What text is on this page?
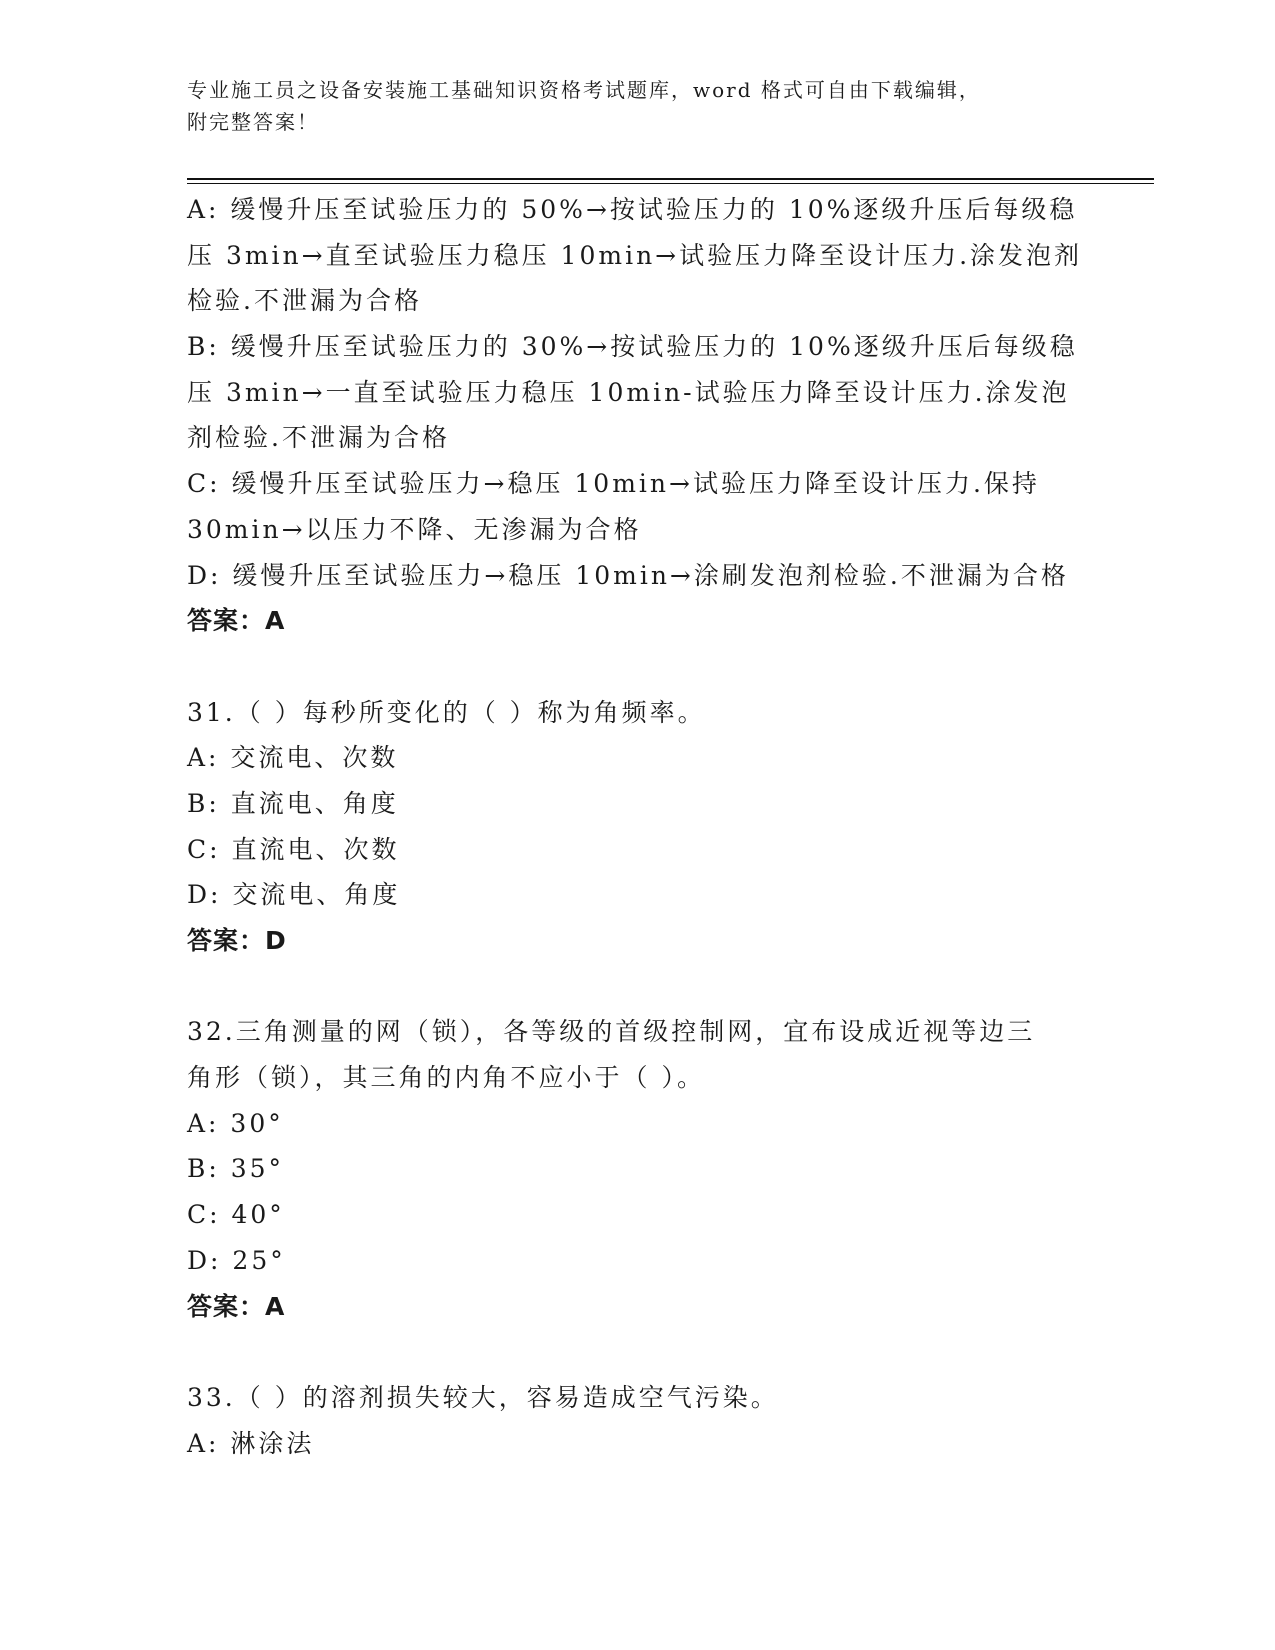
专业施工员之设备安装施工基础知识资格考试题库，word 格式可自由下载编辑，
附完整答案！
A: 缓慢升压至试验压力的 50%→按试验压力的 10%逐级升压后每级稳
压 3min→直至试验压力稳压 10min→试验压力降至设计压力.涂发泡剂
检验.不泄漏为合格
B: 缓慢升压至试验压力的 30%→按试验压力的 10%逐级升压后每级稳
压 3min→一直至试验压力稳压 10min-试验压力降至设计压力.涂发泡
剂检验.不泄漏为合格
C: 缓慢升压至试验压力→稳压 10min→试验压力降至设计压力.保持
30min→以压力不降、无渗漏为合格
D: 缓慢升压至试验压力→稳压 10min→涂刷发泡剂检验.不泄漏为合格
答案：A
31.（ ）每秒所变化的（ ）称为角频率。
A: 交流电、次数
B: 直流电、角度
C: 直流电、次数
D: 交流电、角度
答案：D
32.三角测量的网（锁），各等级的首级控制网，宜布设成近视等边三
角形（锁），其三角的内角不应小于（ ）。
A: 30°
B: 35°
C: 40°
D: 25°
答案：A
33.（ ）的溶剂损失较大，容易造成空气污染。
A: 淋涂法
